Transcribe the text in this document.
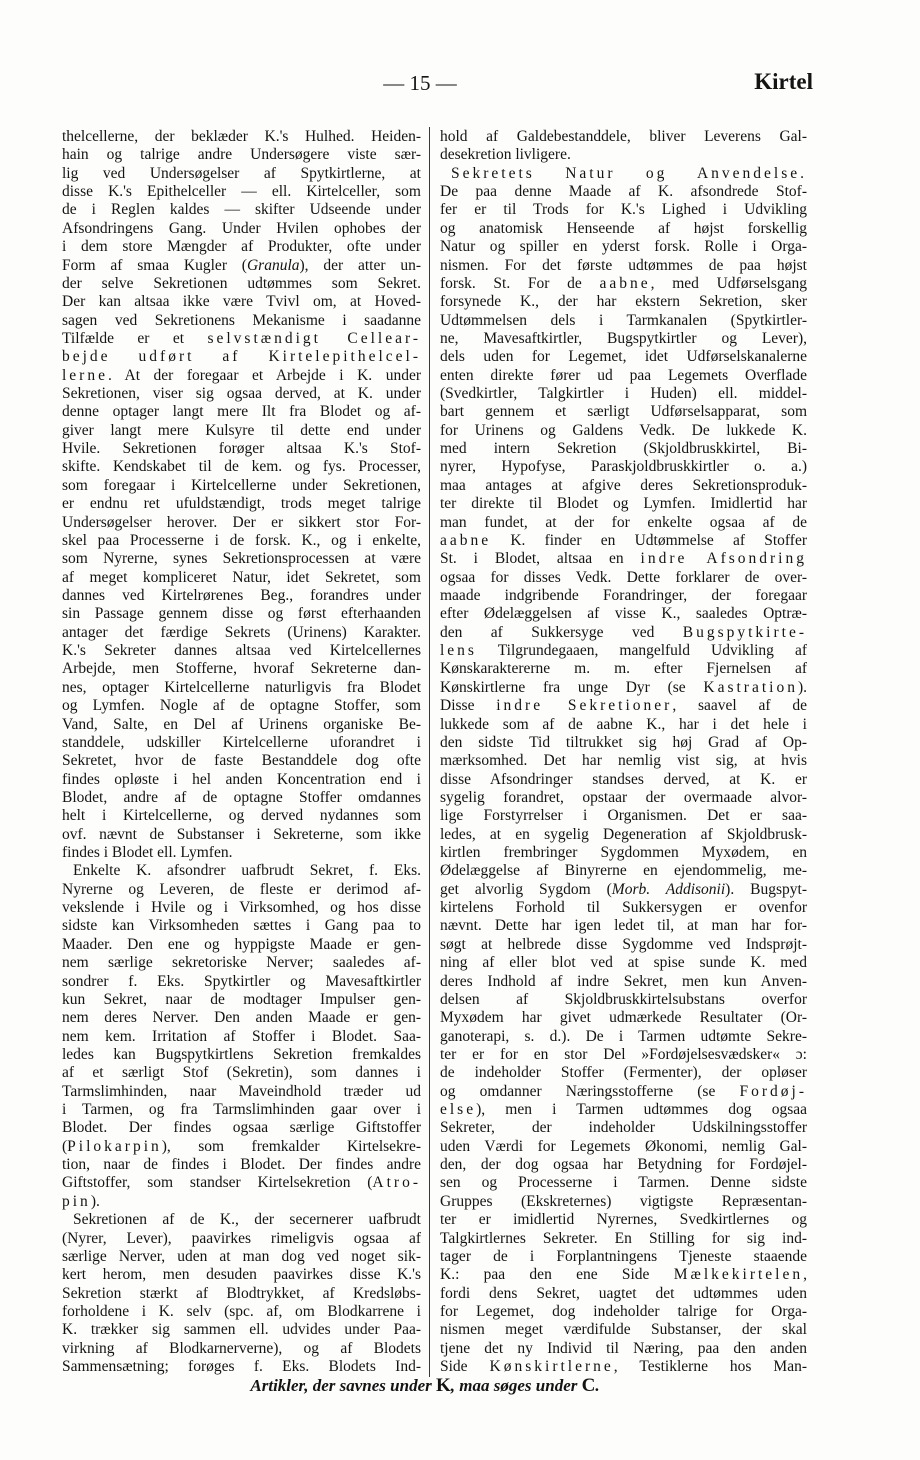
— 15 —	Kirtel
thelcellerne, der beklæder K.'s Hulhed. Heiden-
hain og talrige andre Undersøgere viste sær-
lig ved Undersøgelser af Spytkirtlerne, at
disse K.'s Epithelceller — ell. Kirtelceller, som
de i Reglen kaldes — skifter Udseende under
Afsondringens Gang. Under Hvilen ophobes der
i dem store Mængder af Produkter, ofte under
Form af smaa Kugler (Granula), der atter un-
der selve Sekretionen udtømmes som Sekret.
Der kan altsaa ikke være Tvivl om, at Hoved-
sagen ved Sekretionens Mekanisme i saadanne
Tilfælde er et selvstændigt Cellear-
bejde udført af Kirtelepithelcel-
lerne. At der foregaar et Arbejde i K. under
Sekretionen, viser sig ogsaa derved, at K. under
denne optager langt mere Ilt fra Blodet og af-
giver langt mere Kulsyre til dette end under
Hvile. Sekretionen forøger altsaa K.'s Stof-
skifte. Kendskabet til de kem. og fys. Processer,
som foregaar i Kirtelcellerne under Sekretionen,
er endnu ret ufuldstændigt, trods meget talrige
Undersøgelser herover. Der er sikkert stor For-
skel paa Processerne i de forsk. K., og i enkelte,
som Nyrerne, synes Sekretionsprocessen at være
af meget kompliceret Natur, idet Sekretet, som
dannes ved Kirtelrørenes Beg., forandres under
sin Passage gennem disse og først efterhaanden
antager det færdige Sekrets (Urinens) Karakter.
K.'s Sekreter dannes altsaa ved Kirtelcellernes
Arbejde, men Stofferne, hvoraf Sekreterne dan-
nes, optager Kirtelcellerne naturligvis fra Blodet
og Lymfen. Nogle af de optagne Stoffer, som
Vand, Salte, en Del af Urinens organiske Be-
standdele, udskiller Kirtelcellerne uforandret i
Sekretet, hvor de faste Bestanddele dog ofte
findes opløste i hel anden Koncentration end i
Blodet, andre af de optagne Stoffer omdannes
helt i Kirtelcellerne, og derved nydannes som
ovf. nævnt de Substanser i Sekreterne, som ikke
findes i Blodet ell. Lymfen.
Enkelte K. afsondrer uafbrudt Sekret, f. Eks.
Nyrerne og Leveren, de fleste er derimod af-
vekslende i Hvile og i Virksomhed, og hos disse
sidste kan Virksomheden sættes i Gang paa to
Maader. Den ene og hyppigste Maade er gen-
nem særlige sekretoriske Nerver; saaledes af-
sondrer f. Eks. Spytkirtler og Mavesaftkirtler
kun Sekret, naar de modtager Impulser gen-
nem deres Nerver. Den anden Maade er gen-
nem kem. Irritation af Stoffer i Blodet. Saa-
ledes kan Bugspytkirtlens Sekretion fremkaldes
af et særligt Stof (Sekretin), som dannes i
Tarmslimhinden, naar Maveindhold træder ud
i Tarmen, og fra Tarmslimhinden gaar over i
Blodet. Der findes ogsaa særlige Giftstoffer
(Pilokarpin), som fremkalder Kirtelsekre-
tion, naar de findes i Blodet. Der findes andre
Giftstoffer, som standser Kirtelsekretion (Atro-
pin).
Sekretionen af de K., der secernerer uafbrudt
(Nyrer, Lever), paavirkes rimeligvis ogsaa af
særlige Nerver, uden at man dog ved noget sik-
kert herom, men desuden paavirkes disse K.'s
Sekretion stærkt af Blodtrykket, af Kredsløbs-
forholdene i K. selv (spc. af, om Blodkarrene i
K. trækker sig sammen ell. udvides under Paa-
virkning af Blodkarnerverne), og af Blodets
Sammensætning; forøges f. Eks. Blodets Ind-
hold af Galdebestanddele, bliver Leverens Gal-
desekretion livligere.
Sekretets Natur og Anvendelse.
De paa denne Maade af K. afsondrede Stof-
fer er til Trods for K.'s Lighed i Udvikling
og anatomisk Henseende af højst forskellig
Natur og spiller en yderst forsk. Rolle i Orga-
nismen. For det første udtømmes de paa højst
forsk. St. For de aabne, med Udførselsgang
forsynede K., der har ekstern Sekretion, sker
Udtømmelsen dels i Tarmkanalen (Spytkirtler-
ne, Mavesaftkirtler, Bugspytkirtler og Lever),
dels uden for Legemet, idet Udførselskanalerne
enten direkte fører ud paa Legemets Overflade
(Svedkirtler, Talgkirtler i Huden) ell. middel-
bart gennem et særligt Udførselsapparat, som
for Urinens og Galdens Vedk. De lukkede K.
med intern Sekretion (Skjoldbruskkirtel, Bi-
nyrer, Hypofyse, Paraskjoldbruskkirtler o. a.)
maa antages at afgive deres Sekretionsproduk-
ter direkte til Blodet og Lymfen. Imidlertid har
man fundet, at der for enkelte ogsaa af de
aabne K. finder en Udtømmelse af Stoffer
St. i Blodet, altsaa en indre Afsondring
ogsaa for disses Vedk. Dette forklarer de over-
maade indgribende Forandringer, der foregaar
efter Ødelæggelsen af visse K., saaledes Optræ-
den af Sukkersyge ved Bugspytkirte-
lens Tilgrundegaaen, mangelfuld Udvikling af
Kønskaraktererne m. m. efter Fjernelsen af
Kønskirtlerne fra unge Dyr (se Kastration).
Disse indre Sekretioner, saavel af de
lukkede som af de aabne K., har i det hele i
den sidste Tid tiltrukket sig høj Grad af Op-
mærksomhed. Det har nemlig vist sig, at hvis
disse Afsondringer standses derved, at K. er
sygelig forandret, opstaar der overmaade alvor-
lige Forstyrrelser i Organismen. Det er saa-
ledes, at en sygelig Degeneration af Skjoldbrusk-
kirtlen frembringer Sygdommen Myxødem, en
Ødelæggelse af Binyrerne en ejendommelig, me-
get alvorlig Sygdom (Morb. Addisonii). Bugspyt-
kirtelens Forhold til Sukkersygen er ovenfor
nævnt. Dette har igen ledet til, at man har for-
søgt at helbrede disse Sygdomme ved Indsprøjt-
ning af eller blot ved at spise sunde K. med
deres Indhold af indre Sekret, men kun Anven-
delsen af Skjoldbruskkirtelsubstans overfor
Myxødem har givet udmærkede Resultater (Or-
ganoterapi, s. d.). De i Tarmen udtømte Sekre-
ter er for en stor Del »Fordøjelsesvædsker« ɔ:
de indeholder Stoffer (Fermenter), der opløser
og omdanner Næringsstofferne (se Fordøj-
else), men i Tarmen udtømmes dog ogsaa
Sekreter, der indeholder Udskilningsstoffer
uden Værdi for Legemets Økonomi, nemlig Gal-
den, der dog ogsaa har Betydning for Fordøjel-
sen og Processerne i Tarmen. Denne sidste
Gruppes (Ekskreternes) vigtigste Repræsentan-
ter er imidlertid Nyrernes, Svedkirtlernes og
Talgkirtlernes Sekreter. En Stilling for sig ind-
tager de i Forplantningens Tjeneste staaende
K.: paa den ene Side Mælkekirtelen,
fordi dens Sekret, uagtet det udtømmes uden
for Legemet, dog indeholder talrige for Orga-
nismen meget værdifulde Substanser, der skal
tjene det ny Individ til Næring, paa den anden
Side Kønskirtlerne, Testiklerne hos Man-
Artikler, der savnes under K, maa søges under C.
